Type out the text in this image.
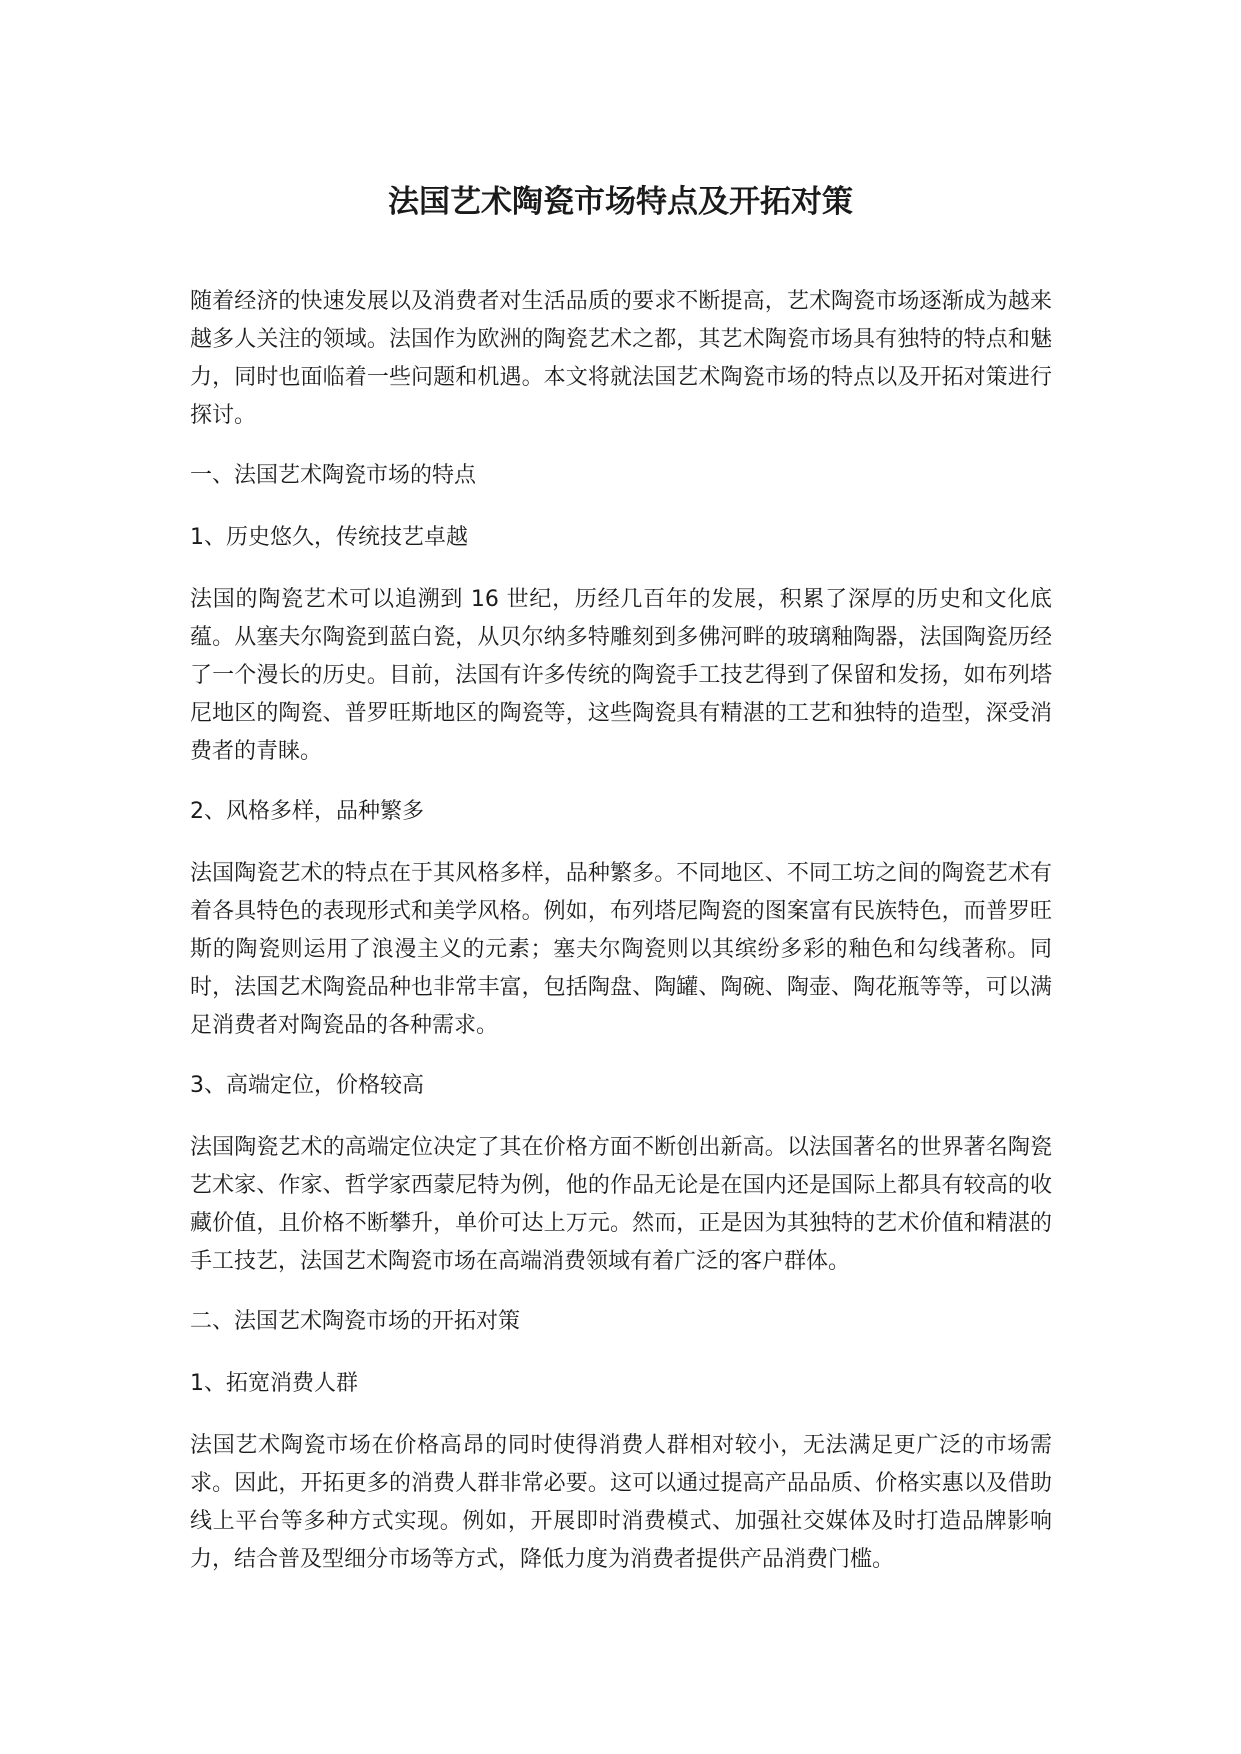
法国艺术陶瓷市场特点及开拓对策

随着经济的快速发展以及消费者对生活品质的要求不断提高，艺术陶瓷市场逐渐成为越来越多人关注的领域。法国作为欧洲的陶瓷艺术之都，其艺术陶瓷市场具有独特的特点和魅力，同时也面临着一些问题和机遇。本文将就法国艺术陶瓷市场的特点以及开拓对策进行探讨。

一、法国艺术陶瓷市场的特点

1、历史悠久，传统技艺卓越

法国的陶瓷艺术可以追溯到 16 世纪，历经几百年的发展，积累了深厚的历史和文化底蕴。从塞夫尔陶瓷到蓝白瓷，从贝尔纳多特雕刻到多佛河畔的玻璃釉陶器，法国陶瓷历经了一个漫长的历史。目前，法国有许多传统的陶瓷手工技艺得到了保留和发扬，如布列塔尼地区的陶瓷、普罗旺斯地区的陶瓷等，这些陶瓷具有精湛的工艺和独特的造型，深受消费者的青睐。

2、风格多样，品种繁多

法国陶瓷艺术的特点在于其风格多样，品种繁多。不同地区、不同工坊之间的陶瓷艺术有着各具特色的表现形式和美学风格。例如，布列塔尼陶瓷的图案富有民族特色，而普罗旺斯的陶瓷则运用了浪漫主义的元素；塞夫尔陶瓷则以其缤纷多彩的釉色和勾线著称。同时，法国艺术陶瓷品种也非常丰富，包括陶盘、陶罐、陶碗、陶壶、陶花瓶等等，可以满足消费者对陶瓷品的各种需求。

3、高端定位，价格较高

法国陶瓷艺术的高端定位决定了其在价格方面不断创出新高。以法国著名的世界著名陶瓷艺术家、作家、哲学家西蒙尼特为例，他的作品无论是在国内还是国际上都具有较高的收藏价值，且价格不断攀升，单价可达上万元。然而，正是因为其独特的艺术价值和精湛的手工技艺，法国艺术陶瓷市场在高端消费领域有着广泛的客户群体。

二、法国艺术陶瓷市场的开拓对策

1、拓宽消费人群

法国艺术陶瓷市场在价格高昂的同时使得消费人群相对较小，无法满足更广泛的市场需求。因此，开拓更多的消费人群非常必要。这可以通过提高产品品质、价格实惠以及借助线上平台等多种方式实现。例如，开展即时消费模式、加强社交媒体及时打造品牌影响力，结合普及型细分市场等方式，降低力度为消费者提供产品消费门槛。
